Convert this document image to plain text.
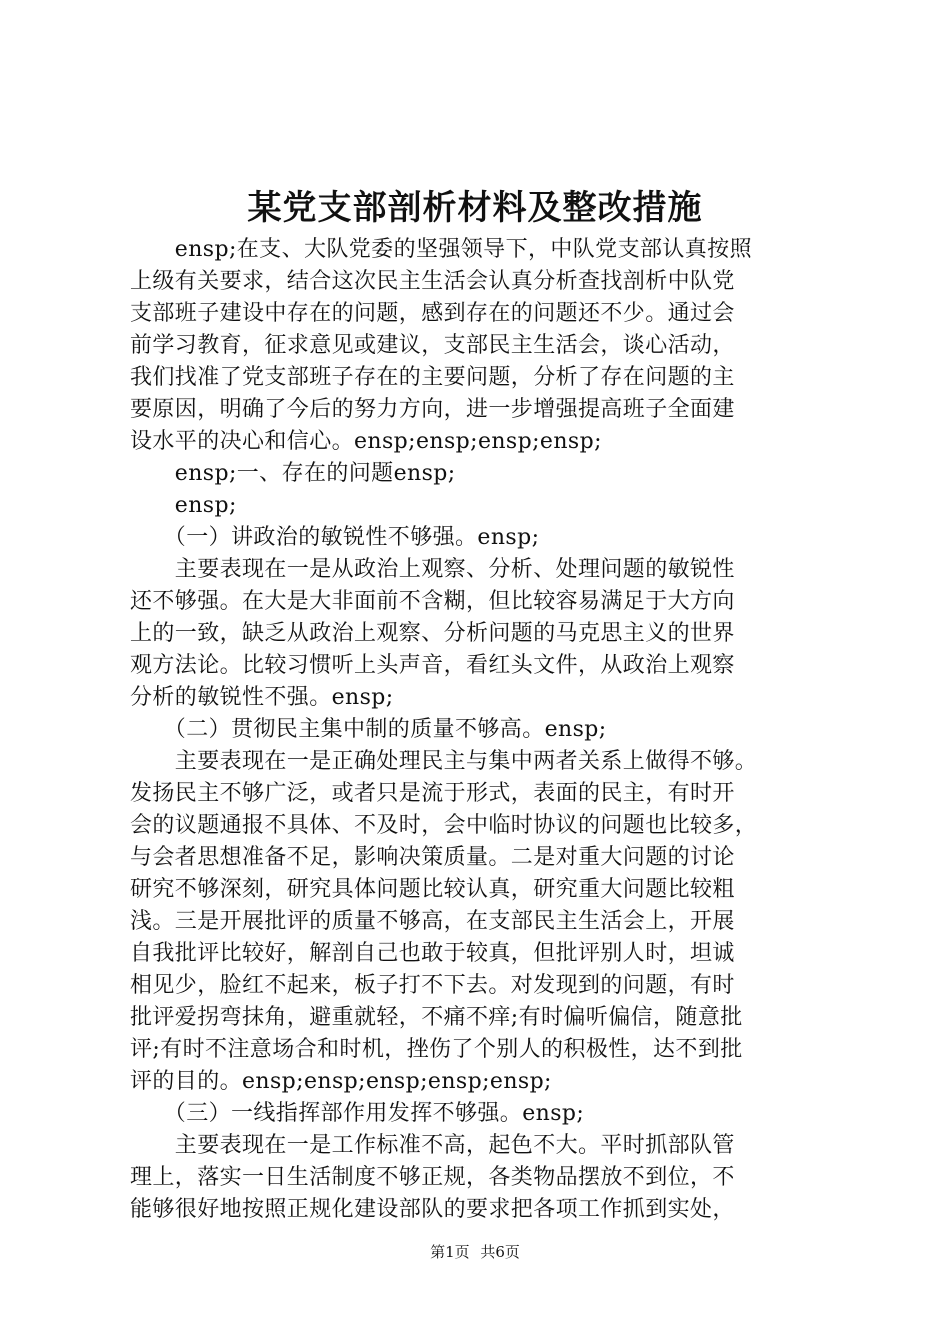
某党支部剖析材料及整改措施
　　ensp;在支、大队党委的坚强领导下，中队党支部认真按照
上级有关要求，结合这次民主生活会认真分析查找剖析中队党
支部班子建设中存在的问题，感到存在的问题还不少。通过会
前学习教育，征求意见或建议，支部民主生活会，谈心活动，
我们找准了党支部班子存在的主要问题，分析了存在问题的主
要原因，明确了今后的努力方向，进一步增强提高班子全面建
设水平的决心和信心。ensp;ensp;ensp;ensp;
　　ensp;一、存在的问题ensp;
　　ensp;
　　（一）讲政治的敏锐性不够强。ensp;
　　主要表现在一是从政治上观察、分析、处理问题的敏锐性
还不够强。在大是大非面前不含糊，但比较容易满足于大方向
上的一致，缺乏从政治上观察、分析问题的马克思主义的世界
观方法论。比较习惯听上头声音，看红头文件，从政治上观察
分析的敏锐性不强。ensp;
　　（二）贯彻民主集中制的质量不够高。ensp;
　　主要表现在一是正确处理民主与集中两者关系上做得不够。
发扬民主不够广泛，或者只是流于形式，表面的民主，有时开
会的议题通报不具体、不及时，会中临时协议的问题也比较多，
与会者思想准备不足，影响决策质量。二是对重大问题的讨论
研究不够深刻，研究具体问题比较认真，研究重大问题比较粗
浅。三是开展批评的质量不够高，在支部民主生活会上，开展
自我批评比较好，解剖自己也敢于较真，但批评别人时，坦诚
相见少，脸红不起来，板子打不下去。对发现到的问题，有时
批评爱拐弯抹角，避重就轻，不痛不痒;有时偏听偏信，随意批
评;有时不注意场合和时机，挫伤了个别人的积极性，达不到批
评的目的。ensp;ensp;ensp;ensp;ensp;
　　（三）一线指挥部作用发挥不够强。ensp;
　　主要表现在一是工作标准不高，起色不大。平时抓部队管
理上，落实一日生活制度不够正规，各类物品摆放不到位，不
能够很好地按照正规化建设部队的要求把各项工作抓到实处，
第1页 共6页
